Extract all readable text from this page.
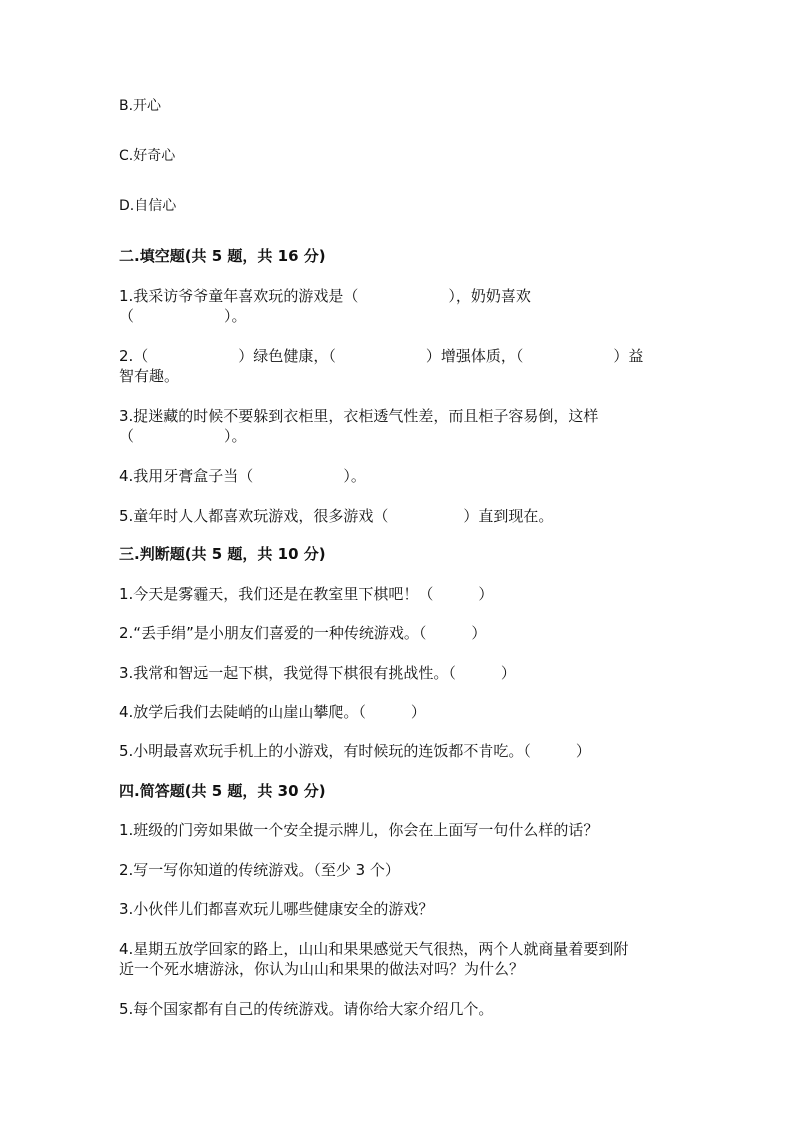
B.开心
C.好奇心
D.自信心
二.填空题(共 5 题，共 16 分)
1.我采访爷爷童年喜欢玩的游戏是（　　　　　　），奶奶喜欢
（　　　　　　）。
2.（　　　　　　）绿色健康，（　　　　　　）增强体质，（　　　　　　）益
智有趣。
3.捉迷藏的时候不要躲到衣柜里，衣柜透气性差，而且柜子容易倒，这样
（　　　　　　）。
4.我用牙膏盒子当（　　　　　　）。
5.童年时人人都喜欢玩游戏，很多游戏（　　　　　）直到现在。
三.判断题(共 5 题，共 10 分)
1.今天是雾霾天，我们还是在教室里下棋吧！（　　　）
2.“丢手绢”是小朋友们喜爱的一种传统游戏。（　　　）
3.我常和智远一起下棋，我觉得下棋很有挑战性。（　　　）
4.放学后我们去陡峭的山崖山攀爬。（　　　）
5.小明最喜欢玩手机上的小游戏，有时候玩的连饭都不肯吃。（　　　）
四.简答题(共 5 题，共 30 分)
1.班级的门旁如果做一个安全提示牌儿，你会在上面写一句什么样的话？
2.写一写你知道的传统游戏。（至少 3 个）
3.小伙伴儿们都喜欢玩儿哪些健康安全的游戏？
4.星期五放学回家的路上，山山和果果感觉天气很热，两个人就商量着要到附
近一个死水塘游泳，你认为山山和果果的做法对吗？为什么？
5.每个国家都有自己的传统游戏。请你给大家介绍几个。
